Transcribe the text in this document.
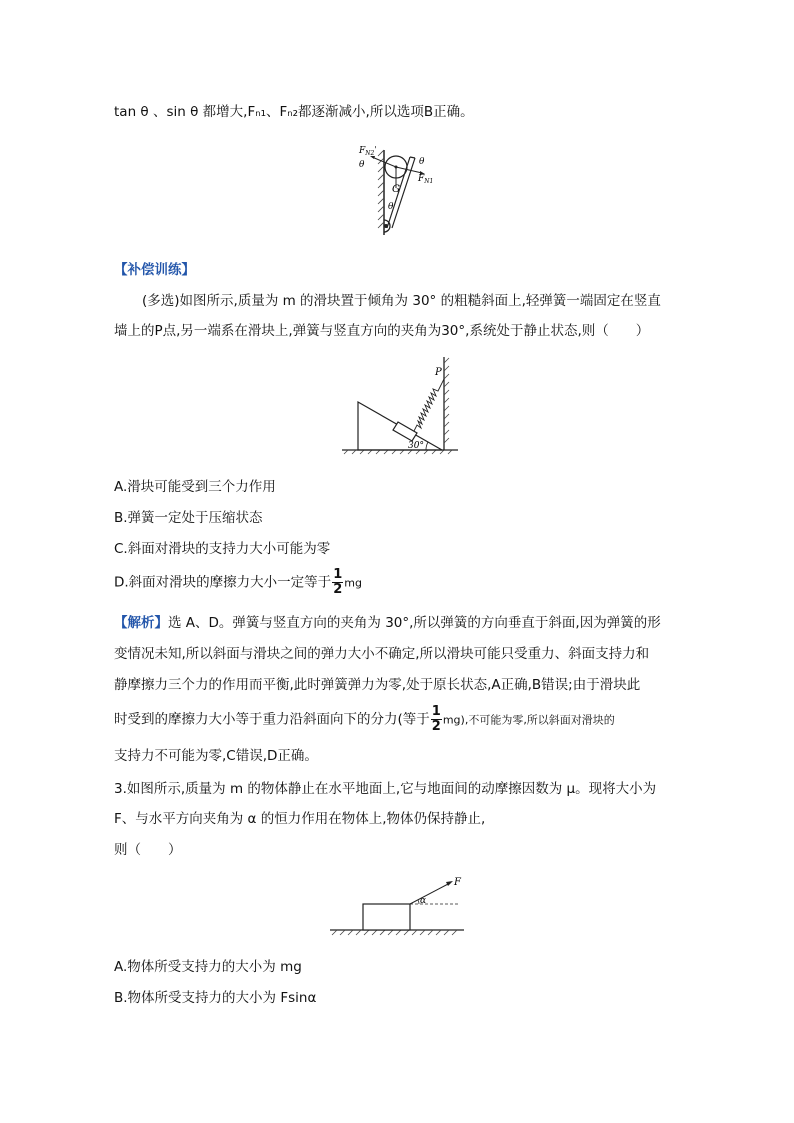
tan θ 、sin θ 都增大,Fₙ₁、Fₙ₂都逐渐减小,所以选项B正确。
$F_{N2}'$
θ	θ
$F_{N1}$
G
θ
【补偿训练】
(多选)如图所示,质量为 m 的滑块置于倾角为 30° 的粗糙斜面上,轻弹簧一端固定在竖直
墙上的P点,另一端系在滑块上,弹簧与竖直方向的夹角为30°,系统处于静止状态,则（　　）
P
30°
A.滑块可能受到三个力作用
B.弹簧一定处于压缩状态
C.斜面对滑块的支持力大小可能为零
D.斜面对滑块的摩擦力大小一定等于 $\frac{1}{2}$ mg
【解析】选 A、D。弹簧与竖直方向的夹角为 30°,所以弹簧的方向垂直于斜面,因为弹簧的形
变情况未知,所以斜面与滑块之间的弹力大小不确定,所以滑块可能只受重力、斜面支持力和
静摩擦力三个力的作用而平衡,此时弹簧弹力为零,处于原长状态,A正确,B错误;由于滑块此
时受到的摩擦力大小等于重力沿斜面向下的分力(等于 $\frac{1}{2} mg$),不可能为零,所以斜面对滑块的
支持力不可能为零,C错误,D正确。
3.如图所示,质量为 m 的物体静止在水平地面上,它与地面间的动摩擦因数为 μ。现将大小为
F、与水平方向夹角为 α 的恒力作用在物体上,物体仍保持静止,
则（　　）
F
α
A.物体所受支持力的大小为 mg
B.物体所受支持力的大小为 Fsinα
